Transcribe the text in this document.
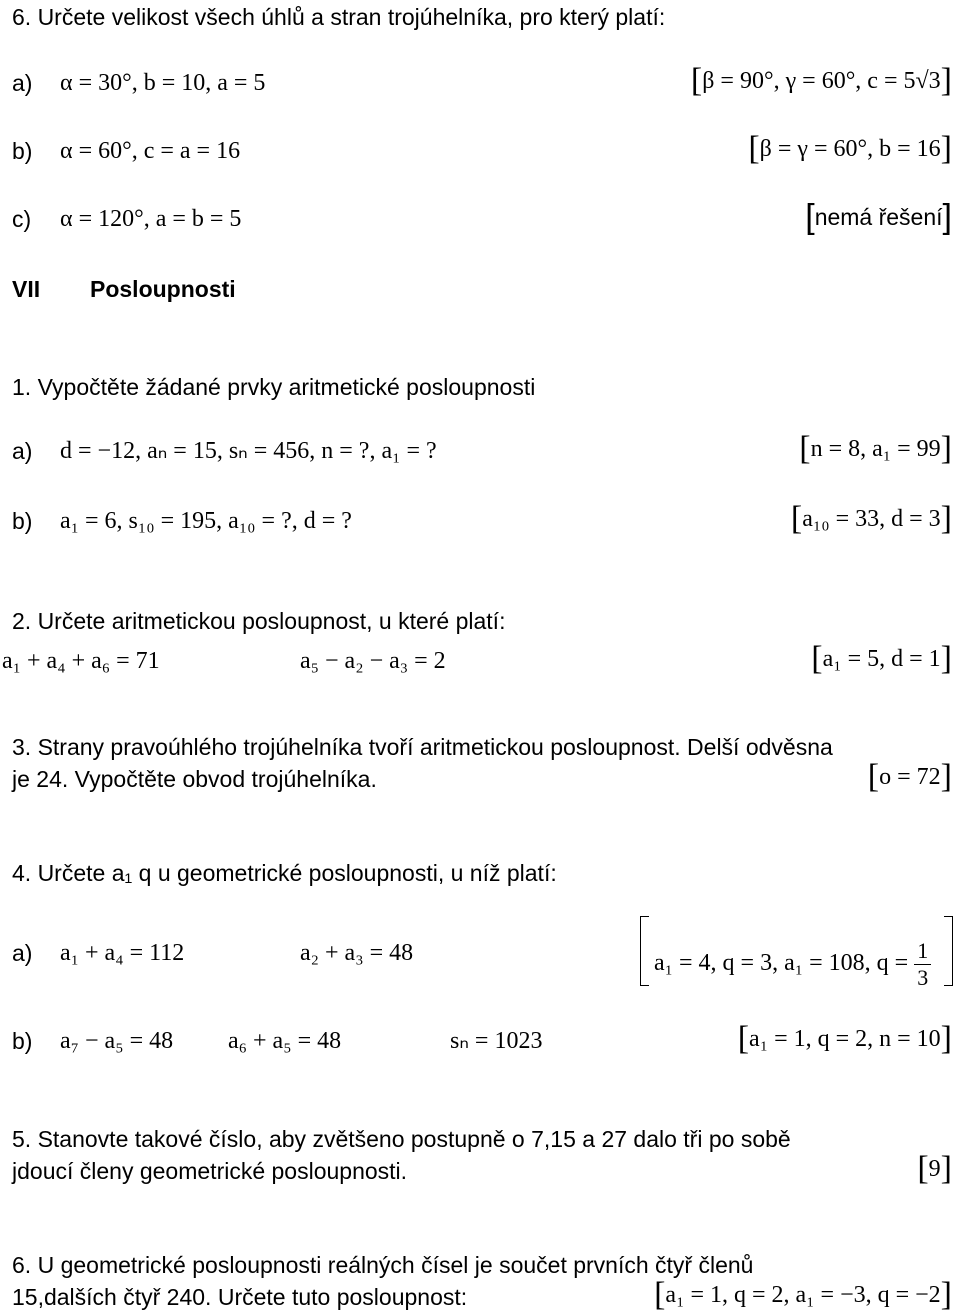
6. Určete velikost všech úhlů a stran trojúhelníka, pro který platí:
a) α = 30°, b = 10, a = 5	[β = 90°, γ = 60°, c = 5√3]
b) α = 60°, c = a = 16	[β = γ = 60°, b = 16]
c) α = 120°, a = b = 5	[nemá řešení]
VII Posloupnosti
1. Vypočtěte žádané prvky aritmetické posloupnosti
a) d = −12, aₙ = 15, sₙ = 456, n = ?, a₁ = ?	[n = 8, a₁ = 99]
b) a₁ = 6, s₁₀ = 195, a₁₀ = ?, d = ?	[a₁₀ = 33, d = 3]
2. Určete aritmetickou posloupnost, u které platí:
a₁ + a₄ + a₆ = 71	a₅ − a₂ − a₃ = 2	[a₁ = 5, d = 1]
3. Strany pravoúhlého trojúhelníka tvoří aritmetickou posloupnost. Delší odvěsna
je 24. Vypočtěte obvod trojúhelníka.	[o = 72]
4. Určete a₁ q u geometrické posloupnosti, u níž platí:
a) a₁ + a₄ = 112	a₂ + a₃ = 48	a₁ = 4, q = 3, a₁ = 108, $q = \frac{1}{3}$
b) a₇ − a₅ = 48 a₆ + a₅ = 48	sₙ = 1023	[a₁ = 1, q = 2, n = 10]
5. Stanovte takové číslo, aby zvětšeno postupně o 7,15 a 27 dalo tři po sobě
jdoucí členy geometrické posloupnosti.	[9]
6. U geometrické posloupnosti reálných čísel je součet prvních čtyř členů
15,dalších čtyř 240. Určete tuto posloupnost:	[a₁ = 1, q = 2, a₁ = −3, q = −2]
